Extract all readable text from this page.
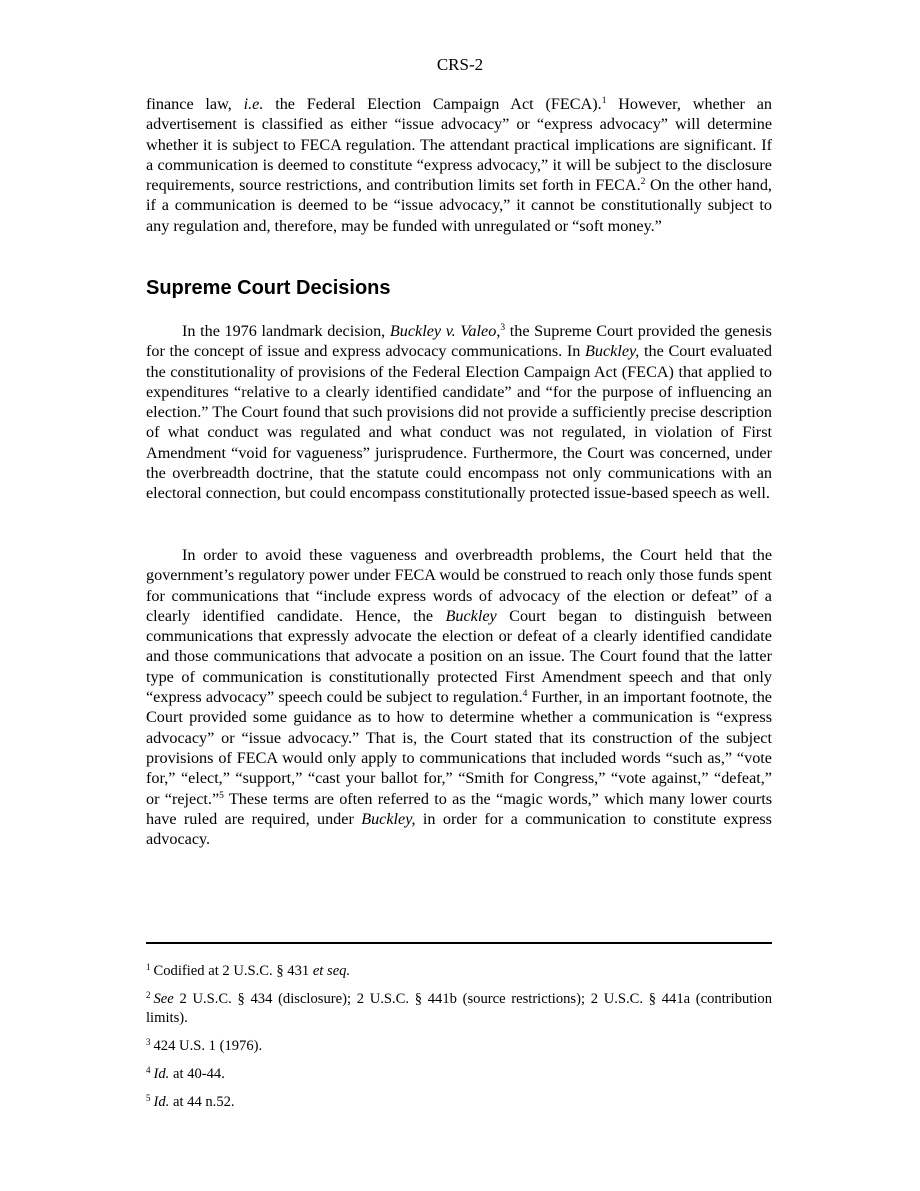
CRS-2

finance law, i.e. the Federal Election Campaign Act (FECA).$^1$ However, whether an advertisement is classified as either “issue advocacy” or “express advocacy” will determine whether it is subject to FECA regulation. The attendant practical implications are significant. If a communication is deemed to constitute “express advocacy,” it will be subject to the disclosure requirements, source restrictions, and contribution limits set forth in FECA.$^2$ On the other hand, if a communication is deemed to be “issue advocacy,” it cannot be constitutionally subject to any regulation and, therefore, may be funded with unregulated or “soft money.”

Supreme Court Decisions

In the 1976 landmark decision, Buckley v. Valeo,$^3$ the Supreme Court provided the genesis for the concept of issue and express advocacy communications. In Buckley, the Court evaluated the constitutionality of provisions of the Federal Election Campaign Act (FECA) that applied to expenditures “relative to a clearly identified candidate” and “for the purpose of influencing an election.” The Court found that such provisions did not provide a sufficiently precise description of what conduct was regulated and what conduct was not regulated, in violation of First Amendment “void for vagueness” jurisprudence. Furthermore, the Court was concerned, under the overbreadth doctrine, that the statute could encompass not only communications with an electoral connection, but could encompass constitutionally protected issue-based speech as well.

In order to avoid these vagueness and overbreadth problems, the Court held that the government’s regulatory power under FECA would be construed to reach only those funds spent for communications that “include express words of advocacy of the election or defeat” of a clearly identified candidate. Hence, the Buckley Court began to distinguish between communications that expressly advocate the election or defeat of a clearly identified candidate and those communications that advocate a position on an issue. The Court found that the latter type of communication is constitutionally protected First Amendment speech and that only “express advocacy” speech could be subject to regulation.$^4$ Further, in an important footnote, the Court provided some guidance as to how to determine whether a communication is “express advocacy” or “issue advocacy.” That is, the Court stated that its construction of the subject provisions of FECA would only apply to communications that included words “such as,” “vote for,” “elect,” “support,” “cast your ballot for,” “Smith for Congress,” “vote against,” “defeat,” or “reject.”$^5$ These terms are often referred to as the “magic words,” which many lower courts have ruled are required, under Buckley, in order for a communication to constitute express advocacy.

$^1$ Codified at 2 U.S.C. § 431 et seq.

$^2$ See 2 U.S.C. § 434 (disclosure); 2 U.S.C. § 441b (source restrictions); 2 U.S.C. § 441a (contribution limits).

$^3$ 424 U.S. 1 (1976).

$^4$ Id. at 40-44.

$^5$ Id. at 44 n.52.
